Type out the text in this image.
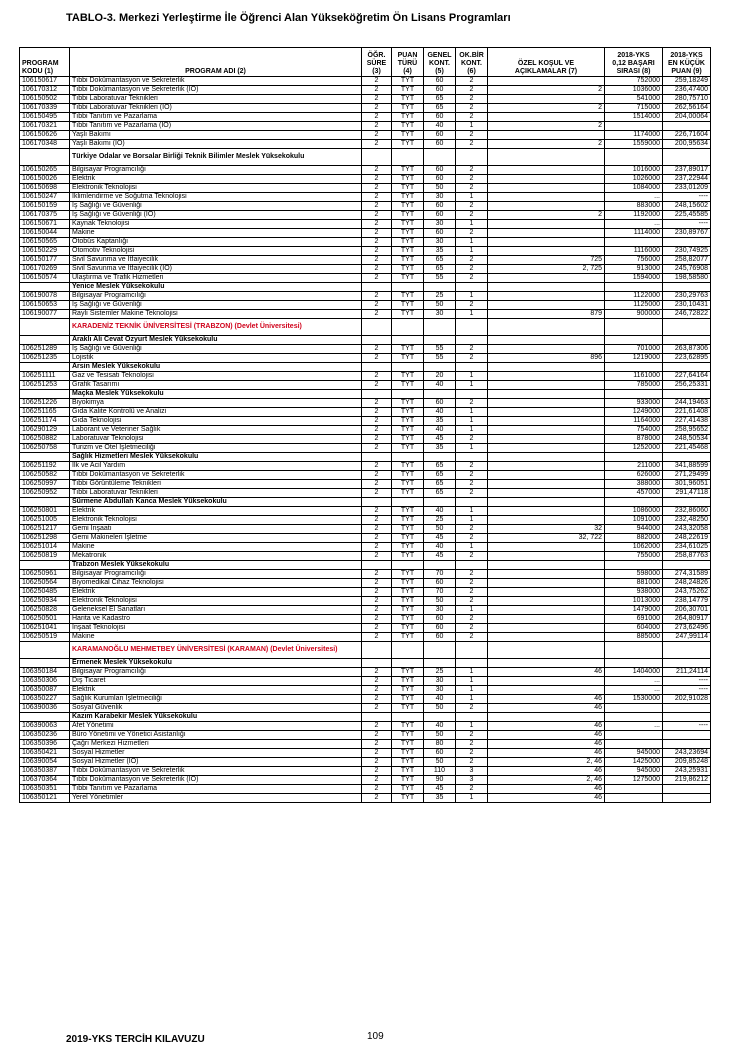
TABLO-3. Merkezi Yerleştirme İle Öğrenci Alan Yükseköğretim Ön Lisans Programları
PROGRAM
KODU (1)	PROGRAM ADI (2)	ÖĞR.
SÜRE
(3)	PUAN
TÜRÜ
(4)	GENEL
KONT.
(5)	OK.BİR
KONT.
(6)	ÖZEL KOŞUL VE
AÇIKLAMALAR (7)	2018-YKS
0,12 BAŞARI
SIRASI (8)	2018-YKS
EN KÜÇÜK
PUAN (9)
106150617	Tıbbi Dokümantasyon ve Sekreterlik	2	TYT	60	2		752000	259,18249
106170312	Tıbbi Dokümantasyon ve Sekreterlik (İÖ)	2	TYT	60	2	2	1036000	236,47400
106150502	Tıbbi Laboratuvar Teknikleri	2	TYT	65	2		541000	280,75710
106170339	Tıbbi Laboratuvar Teknikleri (İÖ)	2	TYT	65	2	2	715000	262,56164
106150495	Tıbbi Tanıtım ve Pazarlama	2	TYT	60	2		1514000	204,00064
106170321	Tıbbi Tanıtım ve Pazarlama (İÖ)	2	TYT	40	1	2		
106150626	Yaşlı Bakımı	2	TYT	60	2		1174000	226,71604
106170348	Yaşlı Bakımı (İÖ)	2	TYT	60	2	2	1559000	200,95634
	Türkiye Odalar ve Borsalar Birliği Teknik Bilimler Meslek Yüksekokulu							
106150265	Bilgisayar Programcılığı	2	TYT	60	2		1016000	237,89017
106150026	Elektrik	2	TYT	60	2		1026000	237,22944
106150698	Elektronik Teknolojisi	2	TYT	50	2		1084000	233,01209
106150247	İklimlendirme ve Soğutma Teknolojisi	2	TYT	30	1		...	----
106150159	İş Sağlığı ve Güvenliği	2	TYT	60	2		883000	248,15602
106170375	İş Sağlığı ve Güvenliği (İÖ)	2	TYT	60	2	2	1192000	225,45585
106150671	Kaynak Teknolojisi	2	TYT	30	1		...	----
106150044	Makine	2	TYT	60	2		1114000	230,89767
106150565	Otobüs Kaptanlığı	2	TYT	30	1			
106150229	Otomotiv Teknolojisi	2	TYT	35	1		1116000	230,74925
106150177	Sivil Savunma ve İtfaiyecilik	2	TYT	65	2	725	756000	258,82077
106170269	Sivil Savunma ve İtfaiyecilik (İÖ)	2	TYT	65	2	2, 725	913000	245,76908
106150574	Ulaştırma ve Trafik Hizmetleri	2	TYT	55	2		1594000	198,58580
	Yenice Meslek Yüksekokulu							
106190078	Bilgisayar Programcılığı	2	TYT	25	1		1122000	230,29763
106150653	İş Sağlığı ve Güvenliği	2	TYT	50	2		1125000	230,10431
106190077	Raylı Sistemler Makine Teknolojisi	2	TYT	30	1	879	900000	246,72822
	KARADENİZ TEKNİK ÜNİVERSİTESİ (TRABZON) (Devlet Üniversitesi)							
	Araklı Ali Cevat Özyurt Meslek Yüksekokulu							
106251289	İş Sağlığı ve Güvenliği	2	TYT	55	2		701000	263,87306
106251235	Lojistik	2	TYT	55	2	896	1219000	223,62895
	Arsin Meslek Yüksekokulu							
106251111	Gaz ve Tesisatı Teknolojisi	2	TYT	20	1		1161000	227,64164
106251253	Grafik Tasarımı	2	TYT	40	1		785000	256,25331
	Maçka Meslek Yüksekokulu							
106251226	Biyokimya	2	TYT	60	2		933000	244,19463
106251165	Gıda Kalite Kontrolü ve Analizi	2	TYT	40	1		1249000	221,61408
106251174	Gıda Teknolojisi	2	TYT	35	1		1164000	227,41438
106290129	Laborant ve Veteriner Sağlık	2	TYT	40	1		754000	258,95652
106250882	Laboratuvar Teknolojisi	2	TYT	45	2		878000	248,50534
106250758	Turizm ve Otel İşletmeciliği	2	TYT	35	1		1252000	221,45468
	Sağlık Hizmetleri Meslek Yüksekokulu							
106251192	İlk ve Acil Yardım	2	TYT	65	2		211000	341,88599
106250582	Tıbbi Dokümantasyon ve Sekreterlik	2	TYT	65	2		626000	271,29499
106250997	Tıbbi Görüntüleme Teknikleri	2	TYT	65	2		388000	301,96051
106250952	Tıbbi Laboratuvar Teknikleri	2	TYT	65	2		457000	291,47118
	Sürmene Abdullah Kanca Meslek Yüksekokulu							
106250801	Elektrik	2	TYT	40	1		1086000	232,86060
106251005	Elektronik Teknolojisi	2	TYT	25	1		1091000	232,48250
106251217	Gemi İnşaatı	2	TYT	50	2	32	944000	243,32058
106251298	Gemi Makineleri İşletme	2	TYT	45	2	32, 722	882000	248,22619
106251014	Makine	2	TYT	40	1		1062000	234,61025
106250819	Mekatronik	2	TYT	45	2		755000	258,87763
	Trabzon Meslek Yüksekokulu							
106250961	Bilgisayar Programcılığı	2	TYT	70	2		598000	274,31589
106250564	Biyomedikal Cihaz Teknolojisi	2	TYT	60	2		881000	248,24826
106250485	Elektrik	2	TYT	70	2		938000	243,75262
106250934	Elektronik Teknolojisi	2	TYT	50	2		1013000	238,14779
106250828	Geleneksel El Sanatları	2	TYT	30	1		1479000	206,30701
106250501	Harita ve Kadastro	2	TYT	60	2		691000	264,80917
106251041	İnşaat Teknolojisi	2	TYT	60	2		604000	273,62496
106250519	Makine	2	TYT	60	2		885000	247,99114
	KARAMANOĞLU MEHMETBEY ÜNİVERSİTESİ (KARAMAN) (Devlet Üniversitesi)							
	Ermenek Meslek Yüksekokulu							
106350184	Bilgisayar Programcılığı	2	TYT	25	1	46	1404000	211,24114
106350306	Dış Ticaret	2	TYT	30	1		...	----
106350087	Elektrik	2	TYT	30	1		...	----
106350227	Sağlık Kurumları İşletmeciliği	2	TYT	40	1	46	1530000	202,91028
106390036	Sosyal Güvenlik	2	TYT	50	2	46		
	Kazım Karabekir Meslek Yüksekokulu							
106390063	Afet Yönetimi	2	TYT	40	1	46	...	----
106350236	Büro Yönetimi ve Yönetici Asistanlığı	2	TYT	50	2	46		
106350396	Çağrı Merkezi Hizmetleri	2	TYT	80	2	46		
106350421	Sosyal Hizmetler	2	TYT	60	2	46	945000	243,23694
106390054	Sosyal Hizmetler (İÖ)	2	TYT	50	2	2, 46	1425000	209,85248
106350387	Tıbbi Dokümantasyon ve Sekreterlik	2	TYT	110	3	46	945000	243,25931
106370364	Tıbbi Dokümantasyon ve Sekreterlik (İÖ)	2	TYT	90	3	2, 46	1275000	219,86212
106350351	Tıbbi Tanıtım ve Pazarlama	2	TYT	45	2	46		
106350121	Yerel Yönetimler	2	TYT	35	1	46		
2019-YKS TERCİH KILAVUZU	109
